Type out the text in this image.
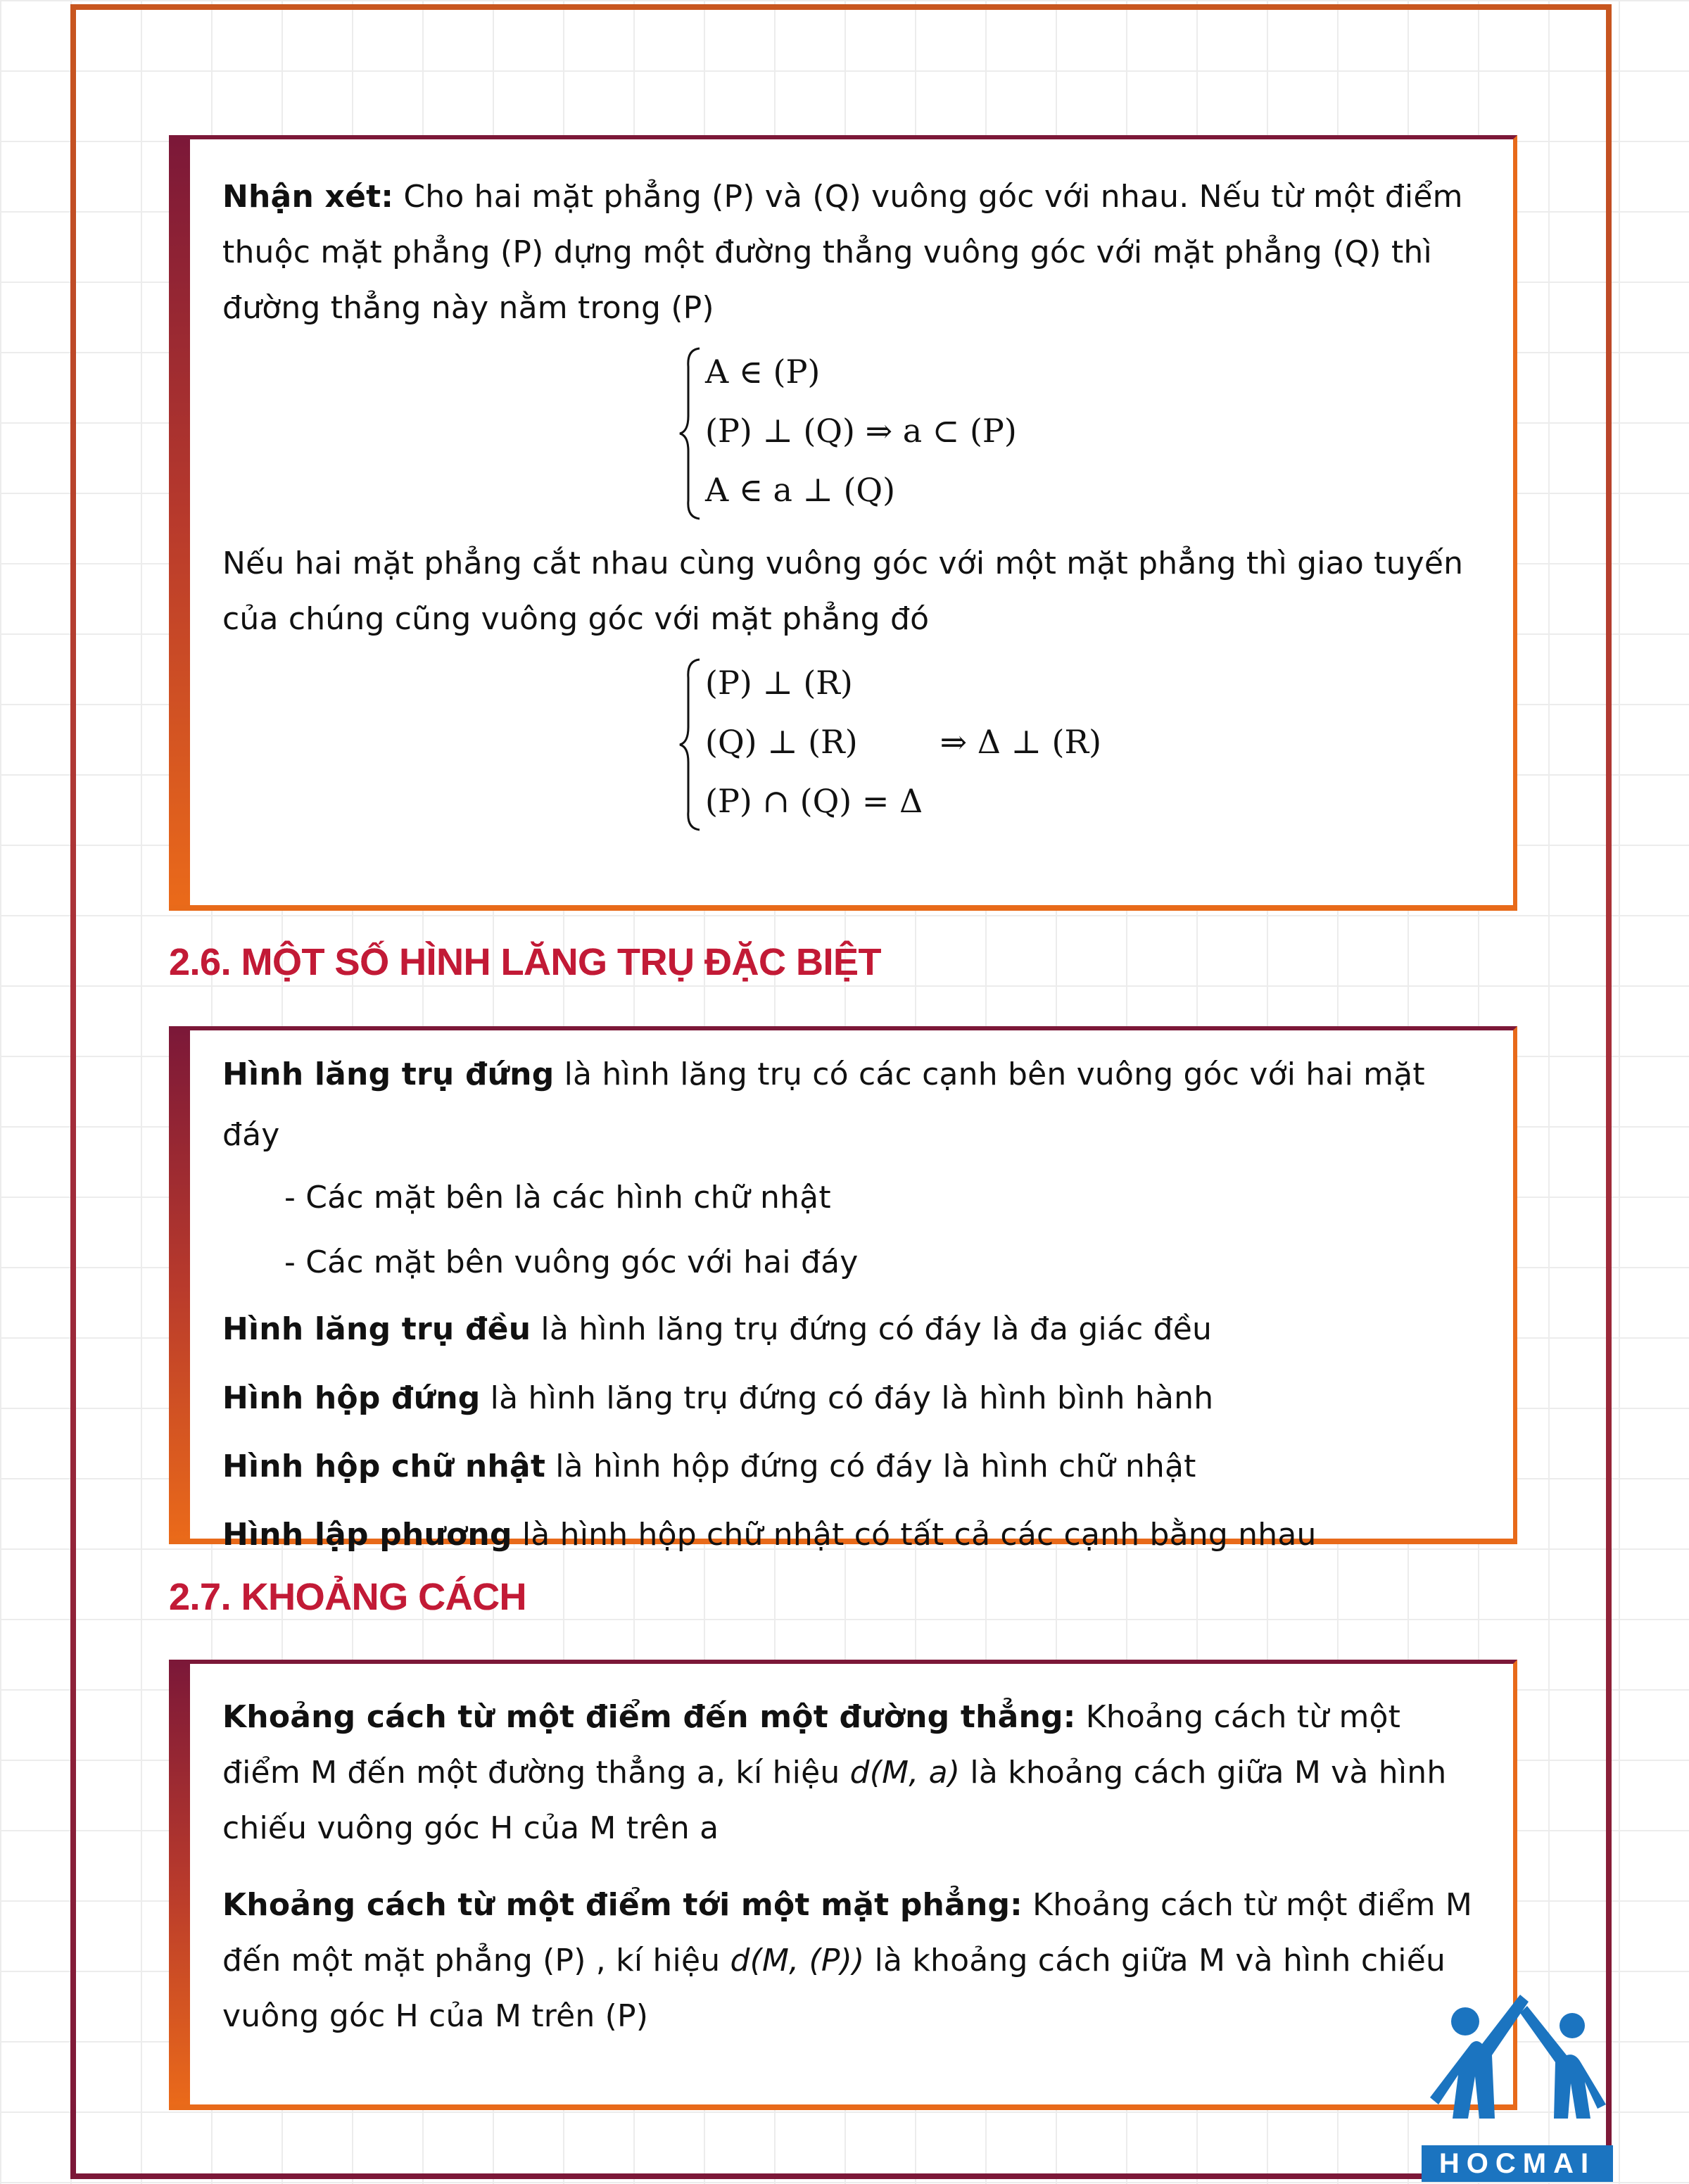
Nhận xét: Cho hai mặt phẳng (P) và (Q) vuông góc với nhau. Nếu từ một điểm thuộc mặt phẳng (P) dựng một đường thẳng vuông góc với mặt phẳng (Q) thì đường thẳng này nằm trong (P)

A ∈ (P)
(P) ⊥ (Q) ⇒ a ⊂ (P)
A ∈ a ⊥ (Q)

Nếu hai mặt phẳng cắt nhau cùng vuông góc với một mặt phẳng thì giao tuyến của chúng cũng vuông góc với mặt phẳng đó

(P) ⊥ (R)
(Q) ⊥ (R)        ⇒ Δ ⊥ (R)
(P) ∩ (Q) = Δ
2.6. MỘT SỐ HÌNH LĂNG TRỤ ĐẶC BIỆT

Hình lăng trụ đứng là hình lăng trụ có các cạnh bên vuông góc với hai mặt đáy

- Các mặt bên là các hình chữ nhật

- Các mặt bên vuông góc với hai đáy

Hình lăng trụ đều là hình lăng trụ đứng có đáy là đa giác đều

Hình hộp đứng là hình lăng trụ đứng có đáy là hình bình hành

Hình hộp chữ nhật là hình hộp đứng có đáy là hình chữ nhật

Hình lập phương là hình hộp chữ nhật có tất cả các cạnh bằng nhau

2.7. KHOẢNG CÁCH

Khoảng cách từ một điểm đến một đường thẳng: Khoảng cách từ một điểm M đến một đường thẳng a, kí hiệu d(M, a) là khoảng cách giữa M và hình chiếu vuông góc H của M trên a

Khoảng cách từ một điểm tới một mặt phẳng: Khoảng cách từ một điểm M đến một mặt phẳng (P) , kí hiệu d(M, (P)) là khoảng cách giữa M và hình chiếu vuông góc H của M trên (P)

HOCMAI
